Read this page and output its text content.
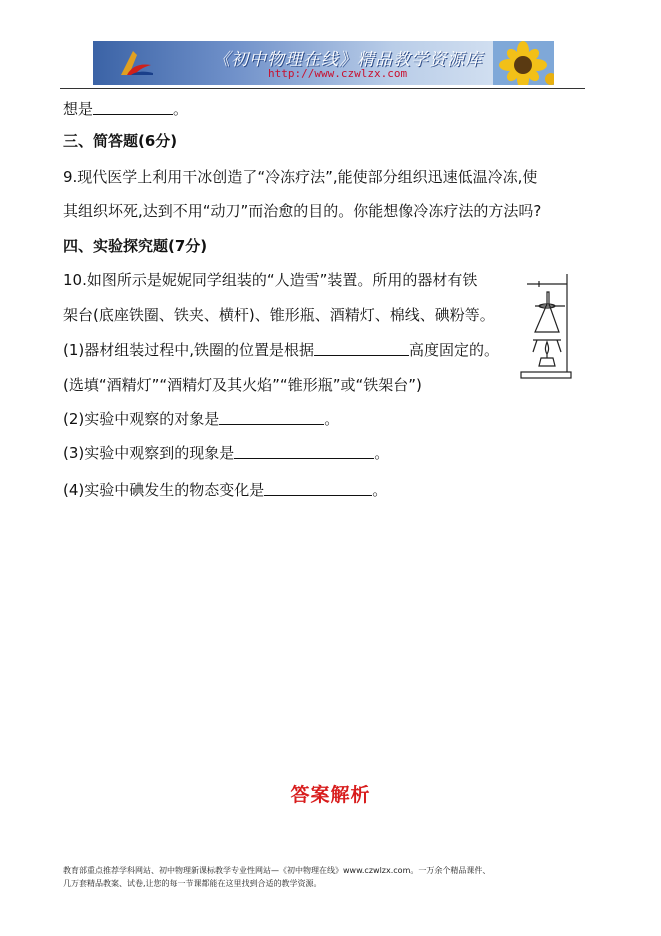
《初中物理在线》精品教学资源库
http://www.czwlzx.com
想是	。
三、简答题(6分)
9.现代医学上利用干冰创造了“冷冻疗法”,能使部分组织迅速低温冷冻,使
其组织坏死,达到不用“动刀”而治愈的目的。你能想像冷冻疗法的方法吗?
四、实验探究题(7分)
10.如图所示是妮妮同学组装的“人造雪”装置。所用的器材有铁
架台(底座铁圈、铁夹、横杆)、锥形瓶、酒精灯、棉线、碘粉等。
(1)器材组装过程中,铁圈的位置是根据	高度固定的。
(选填“酒精灯”“酒精灯及其火焰”“锥形瓶”或“铁架台”)
(2)实验中观察的对象是	。
(3)实验中观察到的现象是	。
(4)实验中碘发生的物态变化是	。
答案解析
教育部重点推荐学科网站、初中物理新课标教学专业性网站—《初中物理在线》www.czwlzx.com。一万余个精品课件、
几万套精品教案、试卷,让您的每一节课都能在这里找到合适的教学资源。
